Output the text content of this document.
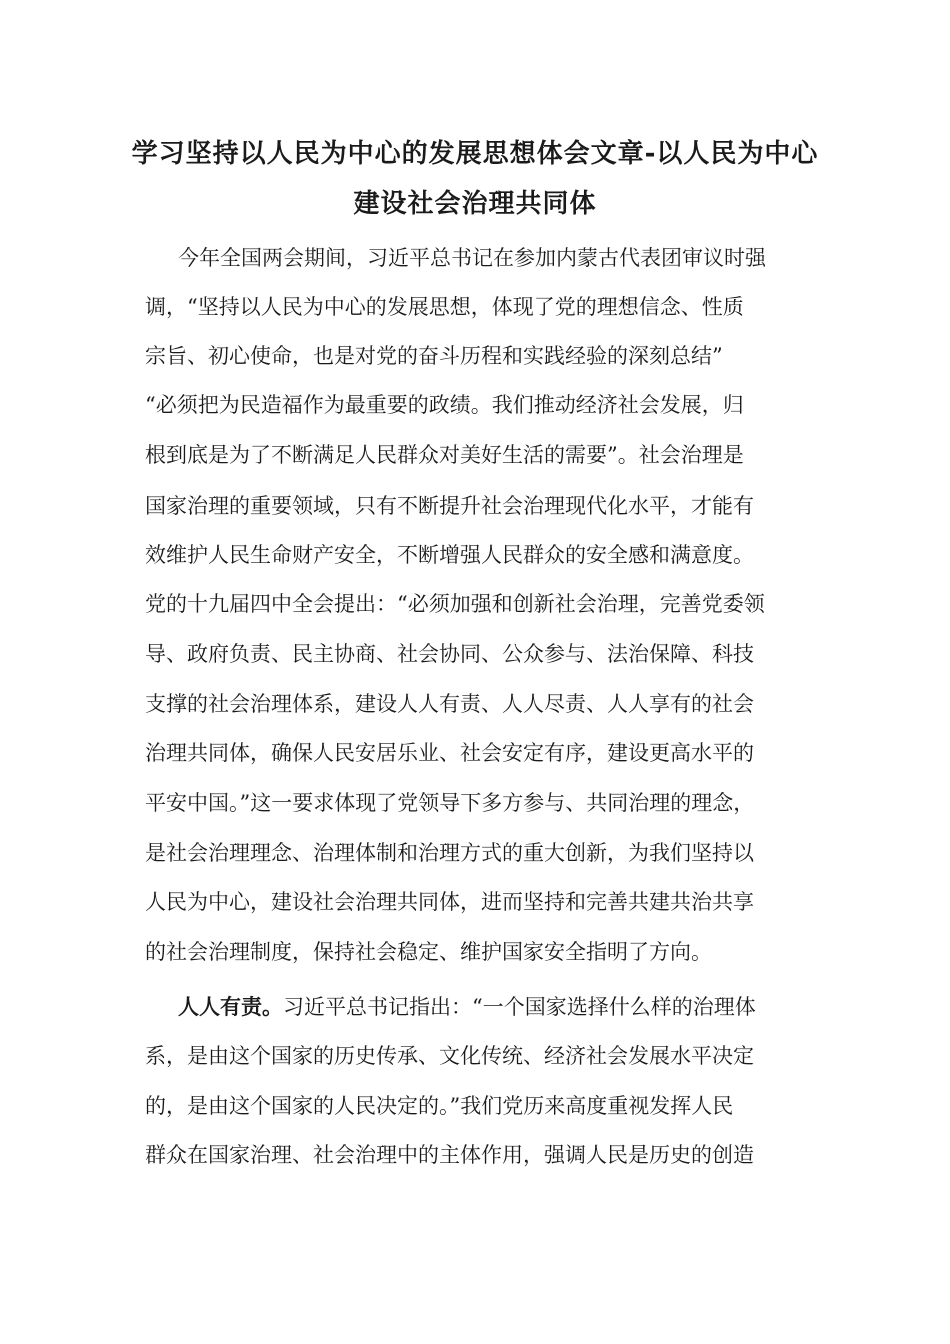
学习坚持以人民为中心的发展思想体会文章-以人民为中心
建设社会治理共同体

今年全国两会期间，习近平总书记在参加内蒙古代表团审议时强

调，“坚持以人民为中心的发展思想，体现了党的理想信念、性质

宗旨、初心使命，也是对党的奋斗历程和实践经验的深刻总结”

“必须把为民造福作为最重要的政绩。我们推动经济社会发展，归

根到底是为了不断满足人民群众对美好生活的需要”。社会治理是

国家治理的重要领域，只有不断提升社会治理现代化水平，才能有

效维护人民生命财产安全，不断增强人民群众的安全感和满意度。

党的十九届四中全会提出：“必须加强和创新社会治理，完善党委领

导、政府负责、民主协商、社会协同、公众参与、法治保障、科技

支撑的社会治理体系，建设人人有责、人人尽责、人人享有的社会

治理共同体，确保人民安居乐业、社会安定有序，建设更高水平的

平安中国。”这一要求体现了党领导下多方参与、共同治理的理念，

是社会治理理念、治理体制和治理方式的重大创新，为我们坚持以

人民为中心，建设社会治理共同体，进而坚持和完善共建共治共享

的社会治理制度，保持社会稳定、维护国家安全指明了方向。

人人有责。习近平总书记指出：“一个国家选择什么样的治理体

系，是由这个国家的历史传承、文化传统、经济社会发展水平决定

的，是由这个国家的人民决定的。”我们党历来高度重视发挥人民

群众在国家治理、社会治理中的主体作用，强调人民是历史的创造
